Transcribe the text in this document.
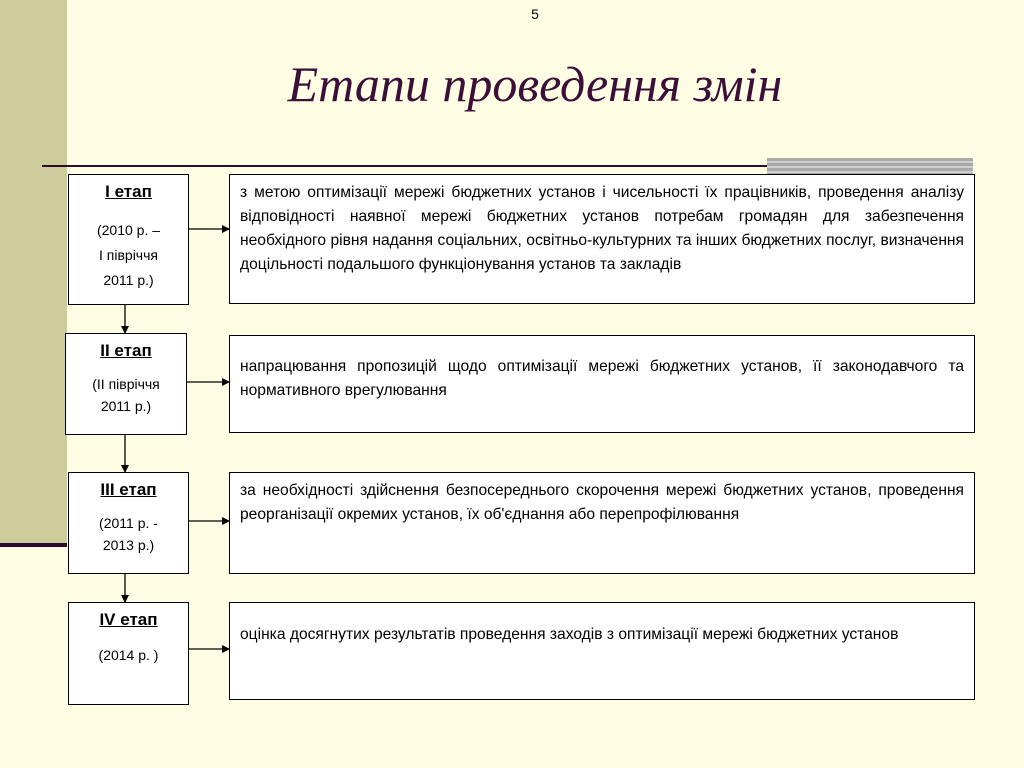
5
Етапи проведення змін
І етап
(2010 р. –
І півріччя
2011 р.)
з метою оптимізації мережі бюджетних установ і чисельності їх працівників, проведення аналізу відповідності наявної мережі бюджетних установ потребам громадян для забезпечення необхідного рівня надання соціальних, освітньо-культурних та інших бюджетних послуг, визначення доцільності подальшого функціонування установ та закладів
ІІ етап
(ІІ півріччя
2011 р.)
напрацювання пропозицій щодо оптимізації мережі бюджетних установ, її законодавчого та нормативного врегулювання
ІІІ етап
(2011 р. -
2013 р.)
за необхідності здійснення безпосереднього скорочення мережі бюджетних установ, проведення реорганізації окремих установ, їх об'єднання або перепрофілювання
IV етап
(2014 р. )
оцінка досягнутих результатів проведення заходів з оптимізації мережі бюджетних установ
